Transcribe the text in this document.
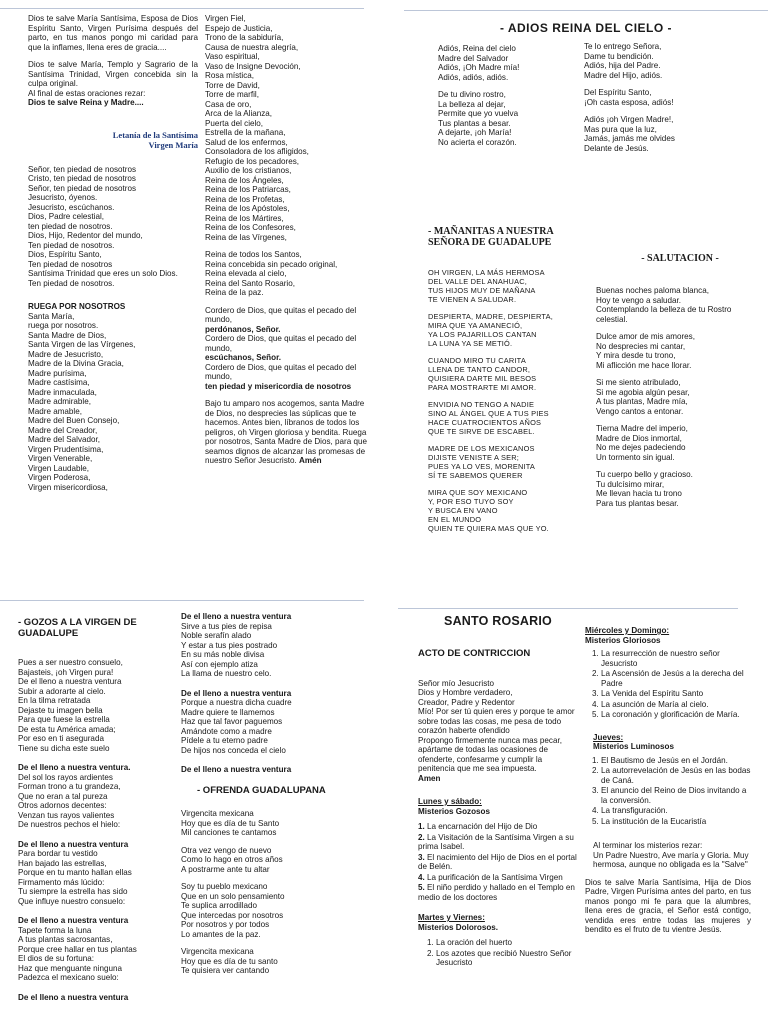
Dios te salve María Santísima, Esposa de Dios Espíritu Santo, Virgen Purísima después del parto, en tus manos pongo mi caridad para que la inflames, llena eres de gracia....

Dios te salve María, Templo y Sagrario de la Santísima Trinidad, Virgen concebida sin la culpa original.

Al final de estas oraciones rezar:

Dios te salve Reina y Madre....

Letanía de la Santísima
Virgen María

Señor, ten piedad de nosotros
Cristo, ten piedad de nosotros
Señor, ten piedad de nosotros
Jesucristo, óyenos.
Jesucristo, escúchanos.
Dios, Padre celestial,
ten piedad de nosotros.
Dios, Hijo, Redentor del mundo,
Ten piedad de nosotros.
Dios, Espíritu Santo,
Ten piedad de nosotros
Santísima Trinidad que eres un solo Dios.
Ten piedad de nosotros.

RUEGA POR NOSOTROS

Santa María,
ruega por nosotros.
Santa Madre de Dios,
Santa Virgen de las Vírgenes,
Madre de Jesucristo,
Madre de la Divina Gracia,
Madre purísima,
Madre castísima,
Madre inmaculada,
Madre admirable,
Madre amable,
Madre del Buen Consejo,
Madre del Creador,
Madre del Salvador,
Virgen Prudentísima,
Virgen Venerable,
Virgen Laudable,
Virgen Poderosa,
Virgen misericordiosa,

Virgen Fiel,
Espejo de Justicia,
Trono de la sabiduría,
Causa de nuestra alegría,
Vaso espiritual,
Vaso de Insigne Devoción,
Rosa mística,
Torre de David,
Torre de marfil,
Casa de oro,
Arca de la Alianza,
Puerta del cielo,
Estrella de la mañana,
Salud de los enfermos,
Consoladora de los afligidos,
Refugio de los pecadores,
Auxilio de los cristianos,
Reina de los Ángeles,
Reina de los Patriarcas,
Reina de los Profetas,
Reina de los Apóstoles,
Reina de los Mártires,
Reina de los Confesores,
Reina de las Vírgenes,

Reina de todos los Santos,
Reina concebida sin pecado original,
Reina elevada al cielo,
Reina del Santo Rosario,
Reina de la paz.

Cordero de Dios, que quitas el pecado del mundo,

perdónanos, Señor.

Cordero de Dios, que quitas el pecado del mundo,

escúchanos, Señor.

Cordero de Dios, que quitas el pecado del mundo,

ten piedad y misericordia de nosotros

Bajo tu amparo nos acogemos, santa Madre de Dios, no desprecies las súplicas que te hacemos. Antes bien, líbranos de todos los peligros, oh Virgen gloriosa y bendita. Ruega por nosotros, Santa Madre de Dios, para que seamos dignos de alcanzar las promesas de nuestro Señor Jesucristo. Amén

- ADIOS REINA DEL CIELO -

Adiós, Reina del cielo
Madre del Salvador
Adiós, ¡Oh Madre mía!
Adiós, adiós, adiós.

De tu divino rostro,
La belleza al dejar,
Permite que yo vuelva
Tus plantas a besar.
A dejarte, ¡oh María!
No acierta el corazón.

Te lo entrego Señora,
Dame tu bendición.
Adiós, hija del Padre.
Madre del Hijo, adiós.

Del Espíritu Santo,
¡Oh casta esposa, adiós!

Adiós ¡oh Virgen Madre!,
Mas pura que la luz,
Jamás, jamás me olvides
Delante de Jesús.

- MAÑANITAS A NUESTRA
SEÑORA DE GUADALUPE

OH VIRGEN, LA MÁS HERMOSA
DEL VALLE DEL ANAHUAC,
TUS HIJOS MUY DE MAÑANA
TE VIENEN A SALUDAR.

DESPIERTA, MADRE, DESPIERTA,
MIRA QUE YA AMANECIÓ,
YA LOS PAJARILLOS CANTAN
LA LUNA YA SE METIÓ.

CUANDO MIRO TU CARITA
LLENA DE TANTO CANDOR,
QUISIERA DARTE MIL BESOS
PARA MOSTRARTE MI AMOR.

ENVIDIA NO TENGO A NADIE
SINO AL ÁNGEL QUE A TUS PIES
HACE CUATROCIENTOS AÑOS
QUE TE SIRVE DE ESCABEL.

MADRE DE LOS MEXICANOS
DIJISTE VENISTE A SER;
PUES YA LO VES, MORENITA
SÍ TE SABEMOS QUERER

MIRA QUE SOY MEXICANO
Y, POR ESO TUYO SOY
Y BUSCA EN VANO
EN EL MUNDO
QUIEN TE QUIERA MAS QUE YO.

- SALUTACION -

Buenas noches paloma blanca,
Hoy te vengo a saludar.
Contemplando la belleza de tu Rostro celestial.

Dulce amor de mis amores,
No desprecies mi cantar,
Y mira desde tu trono,
Mi aflicción me hace llorar.

Si me siento atribulado,
Si me agobia algún pesar,
A tus plantas, Madre mía,
Vengo cantos a entonar.

Tierna Madre del imperio,
Madre de Dios inmortal,
No me dejes padeciendo
Un tormento sin igual.

Tu cuerpo bello y gracioso.
Tu dulcísimo mirar,
Me llevan hacia tu trono
Para tus plantas besar.

- GOZOS A LA VIRGEN DE
GUADALUPE

Pues a ser nuestro consuelo,
Bajasteis, ¡oh Virgen pura!
De el lleno a nuestra ventura
Subir a adorarte al cielo.
En la tilma retratada
Dejaste tu imagen bella
Para que fuese la estrella
De esta tu América amada;
Por eso en ti asegurada
Tiene su dicha este suelo

De el lleno a nuestra ventura.

Del sol los rayos ardientes
Forman trono a tu grandeza,
Que no eran a tal pureza
Otros adornos decentes:
Venzan tus rayos valientes
De nuestros pechos el hielo:

De el lleno a nuestra ventura

Para bordar tu vestido
Han bajado las estrellas,
Porque en tu manto hallan ellas
Firmamento más lúcido:
Tu siempre la estrella has sido
Que influye nuestro consuelo:

De el lleno a nuestra ventura

Tapete forma la luna
A tus plantas sacrosantas,
Porque cree hallar en tus plantas
El dios de su fortuna:
Haz que menguante ninguna
Padezca el mexicano suelo:

De el lleno a nuestra ventura

De el lleno a nuestra ventura

Sirve a tus pies de repisa
Noble serafín alado
Y estar a tus pies postrado
En su más noble divisa
Así con ejemplo atiza
La llama de nuestro celo.

De el lleno a nuestra ventura

Porque a nuestra dicha cuadre
Madre quiere te llamemos
Haz que tal favor paguemos
Amándote como a madre
Pídele a tu eterno padre
De hijos nos conceda el cielo

De el lleno a nuestra ventura

- OFRENDA GUADALUPANA

Virgencita mexicana
Hoy que es día de tu Santo
Mil canciones te cantamos

Otra vez vengo de nuevo
Como lo hago en otros años
A postrarme ante tu altar

Soy tu pueblo mexicano
Que en un solo pensamiento
Te suplica arrodillado
Que intercedas por nosotros
Por nosotros y por todos
Lo amantes de la paz.

Virgencita mexicana
Hoy que es día de tu santo
Te quisiera ver cantando

SANTO ROSARIO

ACTO DE CONTRICCION

Señor mío Jesucristo
Dios y Hombre verdadero,
Creador, Padre y Redentor
Mío! Por ser tú quien eres y porque te amor sobre todas las cosas, me pesa de todo corazón haberte ofendido
Propongo firmemente nunca mas pecar, apártame de todas las ocasiones de ofenderte, confesarme y cumplir la penitencia que me sea impuesta.

Amen

Lunes y sábado:

Misterios Gozosos

1. La encarnación del Hijo de Dio
2. La Visitación de la Santísima Virgen a su prima Isabel.
3. El nacimiento del Hijo de Dios en el portal de Belén.
4. La purificación de la Santísima Virgen
5. El niño perdido y hallado en el Templo en medio de los doctores

Martes y Viernes:

Misterios Dolorosos.

1. La oración del huerto
2. Los azotes que recibió Nuestro Señor Jesucristo

Miércoles y Domingo:

Misterios Gloriosos

1. La resurrección de nuestro señor Jesucristo
2. La Ascensión de Jesús a la derecha del Padre
3. La Venida del Espíritu Santo
4. La asunción de María al cielo.
5. La coronación y glorificación de María.

Jueves:

Misterios Luminosos

1. El Bautismo de Jesús en el Jordán.
2. La autorrevelación de Jesús en las bodas de Caná.
3. El anuncio del Reino de Dios invitando a la conversión.
4. La transfiguración.
5. La institución de la Eucaristía

Al terminar los misterios rezar:
Un Padre Nuestro, Ave maría y Gloria. Muy hermosa, aunque no obligada es la "Salve"

Dios te salve María Santísima, Hija de Dios Padre, Virgen Purísima antes del parto, en tus manos pongo mi fe para que la alumbres, llena eres de gracia, el Señor está contigo, vendida eres entre todas las mujeres y bendito es el fruto de tu vientre Jesús.
